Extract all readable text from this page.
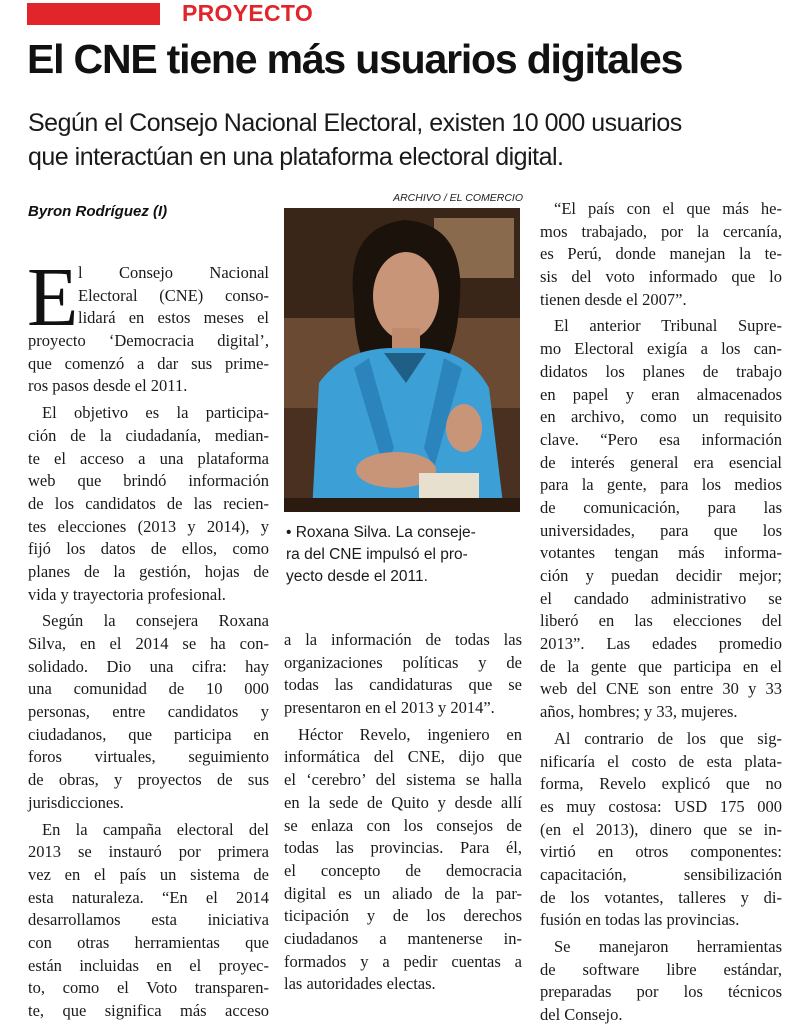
PROYECTO
El CNE tiene más usuarios digitales
Según el Consejo Nacional Electoral, existen 10 000 usuarios
que interactúan en una plataforma electoral digital.
Byron Rodríguez (I)
ARCHIVO / EL COMERCIO
• Roxana Silva. La conseje-
ra del CNE impulsó el pro-
yecto desde el 2011.
E l Consejo Nacional
Electoral (CNE) conso-
lidará en estos meses el
proyecto ‘Democracia digital’,
que comenzó a dar sus prime-
ros pasos desde el 2011.
El objetivo es la participa-
ción de la ciudadanía, median-
te el acceso a una plataforma
web que brindó información
de los candidatos de las recien-
tes elecciones (2013 y 2014), y
fijó los datos de ellos, como
planes de la gestión, hojas de
vida y trayectoria profesional.
Según la consejera Roxana
Silva, en el 2014 se ha con-
solidado. Dio una cifra: hay
una comunidad de 10 000
personas, entre candidatos y
ciudadanos, que participa en
foros virtuales, seguimiento
de obras, y proyectos de sus
jurisdicciones.
En la campaña electoral del
2013 se instauró por primera
vez en el país un sistema de
esta naturaleza. “En el 2014
desarrollamos esta iniciativa
con otras herramientas que
están incluidas en el proyec-
to, como el Voto transparen-
te, que significa más acceso
a la información de todas las
organizaciones políticas y de
todas las candidaturas que se
presentaron en el 2013 y 2014”.
Héctor Revelo, ingeniero en
informática del CNE, dijo que
el ‘cerebro’ del sistema se halla
en la sede de Quito y desde allí
se enlaza con los consejos de
todas las provincias. Para él,
el concepto de democracia
digital es un aliado de la par-
ticipación y de los derechos
ciudadanos a mantenerse in-
formados y a pedir cuentas a
las autoridades electas.
“El país con el que más he-
mos trabajado, por la cercanía,
es Perú, donde manejan la te-
sis del voto informado que lo
tienen desde el 2007”.
El anterior Tribunal Supre-
mo Electoral exigía a los can-
didatos los planes de trabajo
en papel y eran almacenados
en archivo, como un requisito
clave. “Pero esa información
de interés general era esencial
para la gente, para los medios
de comunicación, para las
universidades, para que los
votantes tengan más informa-
ción y puedan decidir mejor;
el candado administrativo se
liberó en las elecciones del
2013”. Las edades promedio
de la gente que participa en el
web del CNE son entre 30 y 33
años, hombres; y 33, mujeres.
Al contrario de los que sig-
nificaría el costo de esta plata-
forma, Revelo explicó que no
es muy costosa: USD 175 000
(en el 2013), dinero que se in-
virtió en otros componentes:
capacitación, sensibilización
de los votantes, talleres y di-
fusión en todas las provincias.
Se manejaron herramientas
de software libre estándar,
preparadas por los técnicos
del Consejo.
